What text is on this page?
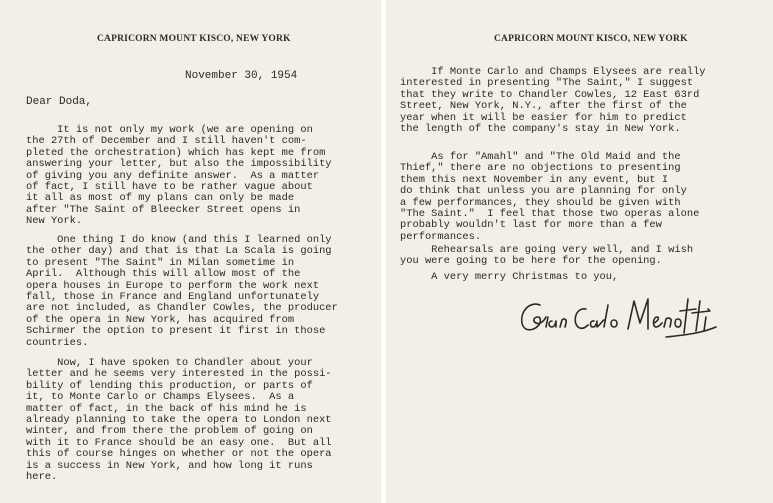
CAPRICORN MOUNT KISCO, NEW YORK
November 30, 1954
Dear Doda,
It is not only my work (we are opening on
the 27th of December and I still haven't com-
pleted the orchestration) which has kept me from
answering your letter, but also the impossibility
of giving you any definite answer.  As a matter
of fact, I still have to be rather vague about
it all as most of my plans can only be made
after "The Saint of Bleecker Street opens in
New York.
One thing I do know (and this I learned only
the other day) and that is that La Scala is going
to present "The Saint" in Milan sometime in
April.  Although this will allow most of the
opera houses in Europe to perform the work next
fall, those in France and England unfortunately
are not included, as Chandler Cowles, the producer
of the opera in New York, has acquired from
Schirmer the option to present it first in those
countries.
Now, I have spoken to Chandler about your
letter and he seems very interested in the possi-
bility of lending this production, or parts of
it, to Monte Carlo or Champs Elysees.  As a
matter of fact, in the back of his mind he is
already planning to take the opera to London next
winter, and from there the problem of going on
with it to France should be an easy one.  But all
this of course hinges on whether or not the opera
is a success in New York, and how long it runs
here.
CAPRICORN MOUNT KISCO, NEW YORK
If Monte Carlo and Champs Elysees are really
interested in presenting "The Saint," I suggest
that they write to Chandler Cowles, 12 East 63rd
Street, New York, N.Y., after the first of the
year when it will be easier for him to predict
the length of the company's stay in New York.
As for "Amahl" and "The Old Maid and the
Thief," there are no objections to presenting
them this next November in any event, but I
do think that unless you are planning for only
a few performances, they should be given with
"The Saint."  I feel that those two operas alone
probably wouldn't last for more than a few
performances.
Rehearsals are going very well, and I wish
you were going to be here for the opening.
A very merry Christmas to you,
